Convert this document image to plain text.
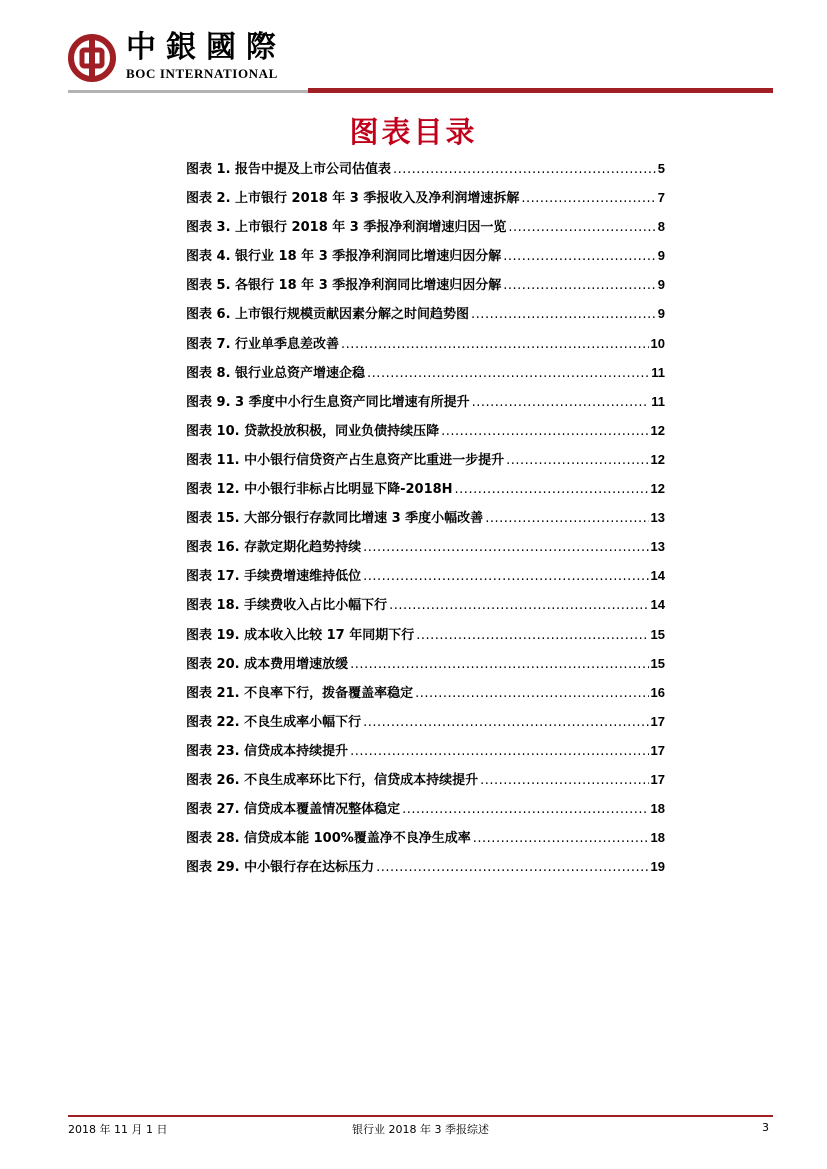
中銀國際
BOC INTERNATIONAL
图表目录
图表 1. 报告中提及上市公司估值表 .....	5
图表 2. 上市银行 2018 年 3 季报收入及净利润增速拆解 .....	7
图表 3. 上市银行 2018 年 3 季报净利润增速归因一览 .....	8
图表 4. 银行业 18 年 3 季报净利润同比增速归因分解 .....	9
图表 5. 各银行 18 年 3 季报净利润同比增速归因分解 .....	9
图表 6. 上市银行规模贡献因素分解之时间趋势图 .....	9
图表 7. 行业单季息差改善 .....	10
图表 8. 银行业总资产增速企稳 .....	11
图表 9. 3 季度中小行生息资产同比增速有所提升 .....	11
图表 10. 贷款投放积极，同业负债持续压降 .....	12
图表 11. 中小银行信贷资产占生息资产比重进一步提升 .....	12
图表 12. 中小银行非标占比明显下降-2018H .....	12
图表 15. 大部分银行存款同比增速 3 季度小幅改善 .....	13
图表 16. 存款定期化趋势持续 .....	13
图表 17. 手续费增速维持低位 .....	14
图表 18. 手续费收入占比小幅下行 .....	14
图表 19. 成本收入比较 17 年同期下行 .....	15
图表 20. 成本费用增速放缓 .....	15
图表 21. 不良率下行，拨备覆盖率稳定 .....	16
图表 22. 不良生成率小幅下行 .....	17
图表 23. 信贷成本持续提升 .....	17
图表 26. 不良生成率环比下行，信贷成本持续提升 .....	17
图表 27. 信贷成本覆盖情况整体稳定 .....	18
图表 28. 信贷成本能 100%覆盖净不良净生成率 .....	18
图表 29. 中小银行存在达标压力 .....	19
2018 年 11 月 1 日	银行业 2018 年 3 季报综述	3
